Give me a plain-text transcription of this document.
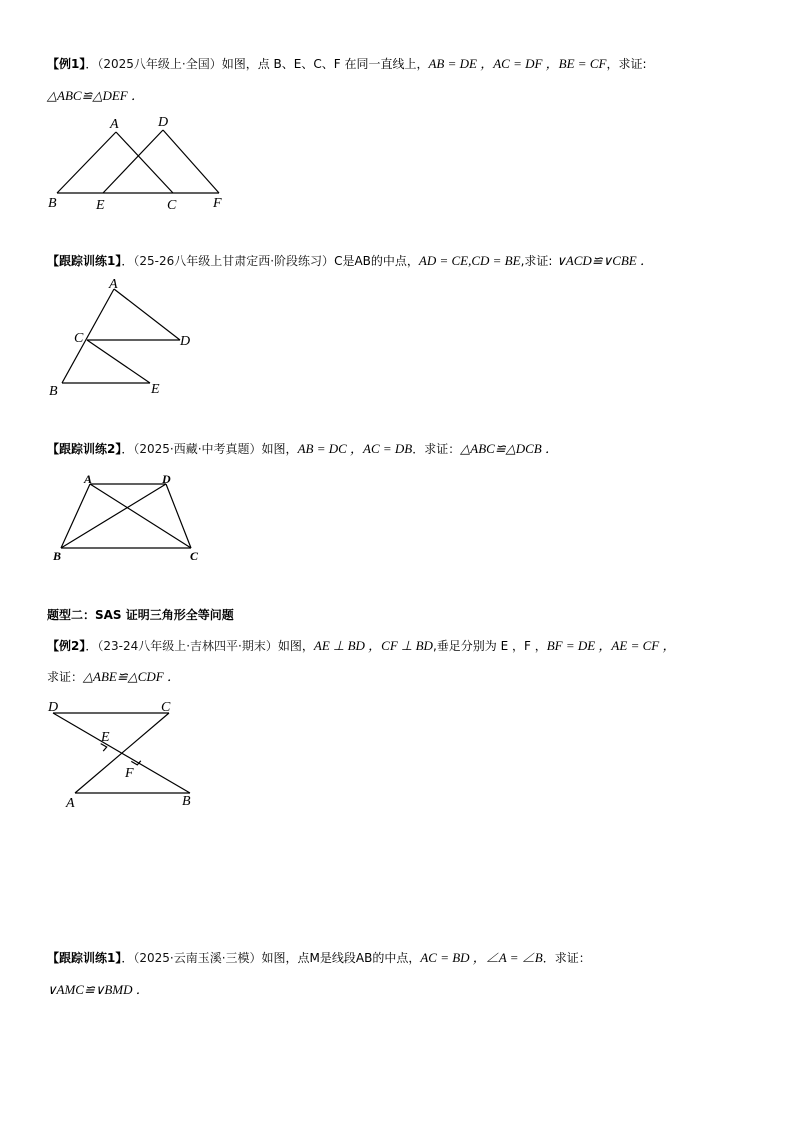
【例1】．（2025八年级上·全国）如图，点 B、E、C、F 在同一直线上，AB = DE ，AC = DF ，BE = CF，求证:
△ABC≌△DEF ．
A	D
B	E	C	F
【跟踪训练1】．（25-26八年级上甘肃定西·阶段练习）C是AB的中点，AD = CE,CD = BE,求证: ∨ACD≌∨CBE ．
A
C	D
B	E
【跟踪训练2】．（2025·西藏·中考真题）如图，AB = DC ，AC = DB．求证：△ABC≌△DCB ．
A	D
B	C
题型二：SAS 证明三角形全等问题
【例2】．（23-24八年级上·吉林四平·期末）如图，AE ⊥ BD ，CF ⊥ BD,垂足分别为 E ，F ，BF = DE ，AE = CF ，
求证：△ABE≌△CDF ．
D	C
E
F
A	B
【跟踪训练1】．（2025·云南玉溪·三模）如图，点M是线段AB的中点，AC = BD ，∠A = ∠B．求证：
∨AMC≌∨BMD ．
